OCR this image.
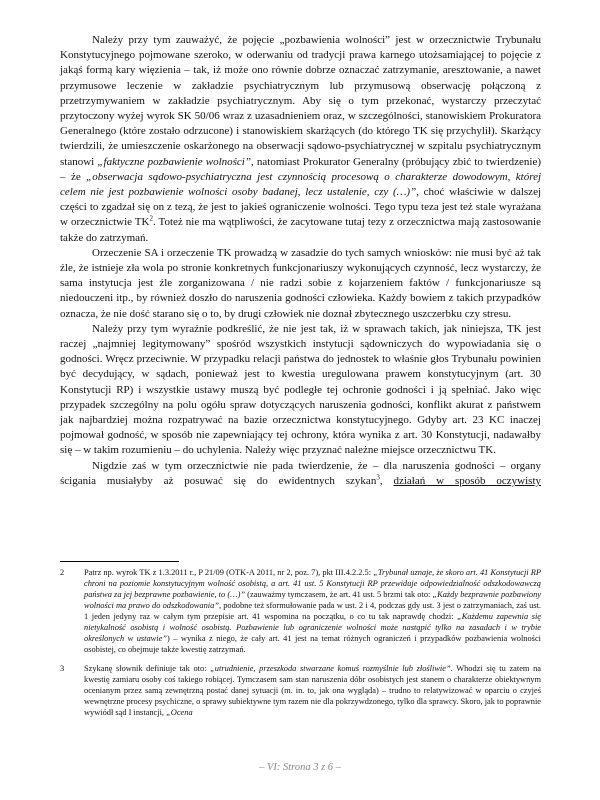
Należy przy tym zauważyć, że pojęcie „pozbawienia wolności” jest w orzecznictwie Trybunału Konstytucyjnego pojmowane szeroko, w oderwaniu od tradycji prawa karnego utożsamiającej to pojęcie z jakąś formą kary więzienia – tak, iż może ono równie dobrze oznaczać zatrzymanie, aresztowanie, a nawet przymusowe leczenie w zakładzie psychiatrycznym lub przymusową obserwację połączoną z przetrzymywaniem w zakładzie psychiatrycznym. Aby się o tym przekonać, wystarczy przeczytać przytoczony wyżej wyrok SK 50/06 wraz z uzasadnieniem oraz, w szczególności, stanowiskiem Prokuratora Generalnego (które zostało odrzucone) i stanowiskiem skarżących (do którego TK się przychylił). Skarżący twierdzili, że umieszczenie oskarżonego na obserwacji sądowo-psychiatrycznej w szpitalu psychiatrycznym stanowi „faktyczne pozbawienie wolności”, natomiast Prokurator Generalny (próbujący zbić to twierdzenie) – że „obserwacja sądowo-psychiatryczna jest czynnością procesową o charakterze dowodowym, której celem nie jest pozbawienie wolności osoby badanej, lecz ustalenie, czy (…)”, choć właściwie w dalszej części to zgadzał się on z tezą, że jest to jakieś ograniczenie wolności. Tego typu teza jest też stale wyrażana w orzecznictwie $TK^2$. Toteż nie ma wątpliwości, że zacytowane tutaj tezy z orzecznictwa mają zastosowanie także do zatrzymań.

Orzeczenie SA i orzeczenie TK prowadzą w zasadzie do tych samych wniosków: nie musi być aż tak źle, że istnieje zła wola po stronie konkretnych funkcjonariuszy wykonujących czynność, lecz wystarczy, że sama instytucja jest źle zorganizowana / nie radzi sobie z kojarzeniem faktów / funkcjonariusze są niedouczeni itp., by również doszło do naruszenia godności człowieka. Każdy bowiem z takich przypadków oznacza, że nie dość starano się o to, by drugi człowiek nie doznał zbytecznego uszczerbku czy stresu.

Należy przy tym wyraźnie podkreślić, że nie jest tak, iż w sprawach takich, jak niniejsza, TK jest raczej „najmniej legitymowany” spośród wszystkich instytucji sądowniczych do wypowiadania się o godności. Wręcz przeciwnie. W przypadku relacji państwa do jednostek to właśnie głos Trybunału powinien być decydujący, w sądach, ponieważ jest to kwestia uregulowana prawem konstytucyjnym (art. 30 Konstytucji RP) i wszystkie ustawy muszą być podległe tej ochronie godności i ją spełniać. Jako więc przypadek szczególny na polu ogółu spraw dotyczących naruszenia godności, konflikt akurat z państwem jak najbardziej można rozpatrywać na bazie orzecznictwa konstytucyjnego. Gdyby art. 23 KC inaczej pojmował godność, w sposób nie zapewniający tej ochrony, która wynika z art. 30 Konstytucji, nadawałby się – w takim rozumieniu – do uchylenia. Należy więc przyznać należne miejsce orzecznictwu TK.

Nigdzie zaś w tym orzecznictwie nie pada twierdzenie, że – dla naruszenia godności – organy ścigania musiałyby aż posuwać się do ewidentnych szykan$^3$, działań w sposób oczywisty

2	Patrz np. wyrok TK z 1.3.2011 r., P 21/09 (OTK-A 2011, nr 2, poz. 7), pkt III.4.2.2.5: „Trybunał uznaje, że skoro art. 41 Konstytucji RP chroni na poziomie konstytucyjnym wolność osobistą, a art. 41 ust. 5 Konstytucji RP przewiduje odpowiedzialność odszkodowawczą państwa za jej bezprawne pozbawienie, to (…)” (zauważmy tymczasem, że art. 41 ust. 5 brzmi tak oto: „Każdy bezprawnie pozbawiony wolności ma prawo do odszkodowania”, podobne też sformułowanie pada w ust. 2 i 4, podczas gdy ust. 3 jest o zatrzymaniach, zaś ust. 1 jeden jedyny raz w całym tym przepisie art. 41 wspomina na początku, o co tu tak naprawdę chodzi: „Każdemu zapewnia się nietykalność osobistą i wolność osobistą. Pozbawienie lub ograniczenie wolności może nastąpić tylko na zasadach i w trybie określonych w ustawie”) – wynika z niego, że cały art. 41 jest na temat różnych ograniczeń i przypadków pozbawienia wolności osobistej, co obejmuje także kwestię zatrzymań.
3	Szykanę słownik definiuje tak oto: „utrudnienie, przeszkoda stwarzane komuś rozmyślnie lub złośliwie”. Whodzi się tu zatem na kwestię zamiaru osoby coś takiego robiącej. Tymczasem sam stan naruszenia dóbr osobistych jest stanem o charakterze obiektywnym ocenianym przez samą zewnętrzną postać danej sytuacji (m. in. to, jak ona wygląda) – trudno to relatywizować w oparciu o czyjeś wewnętrzne procesy psychiczne, o sprawy subiektywne tym razem nie dla pokrzywdzonego, tylko dla sprawcy. Skoro, jak to poprawnie wywiódł sąd I instancji, „Ocena
– VI: Strona 3 z 6 –
